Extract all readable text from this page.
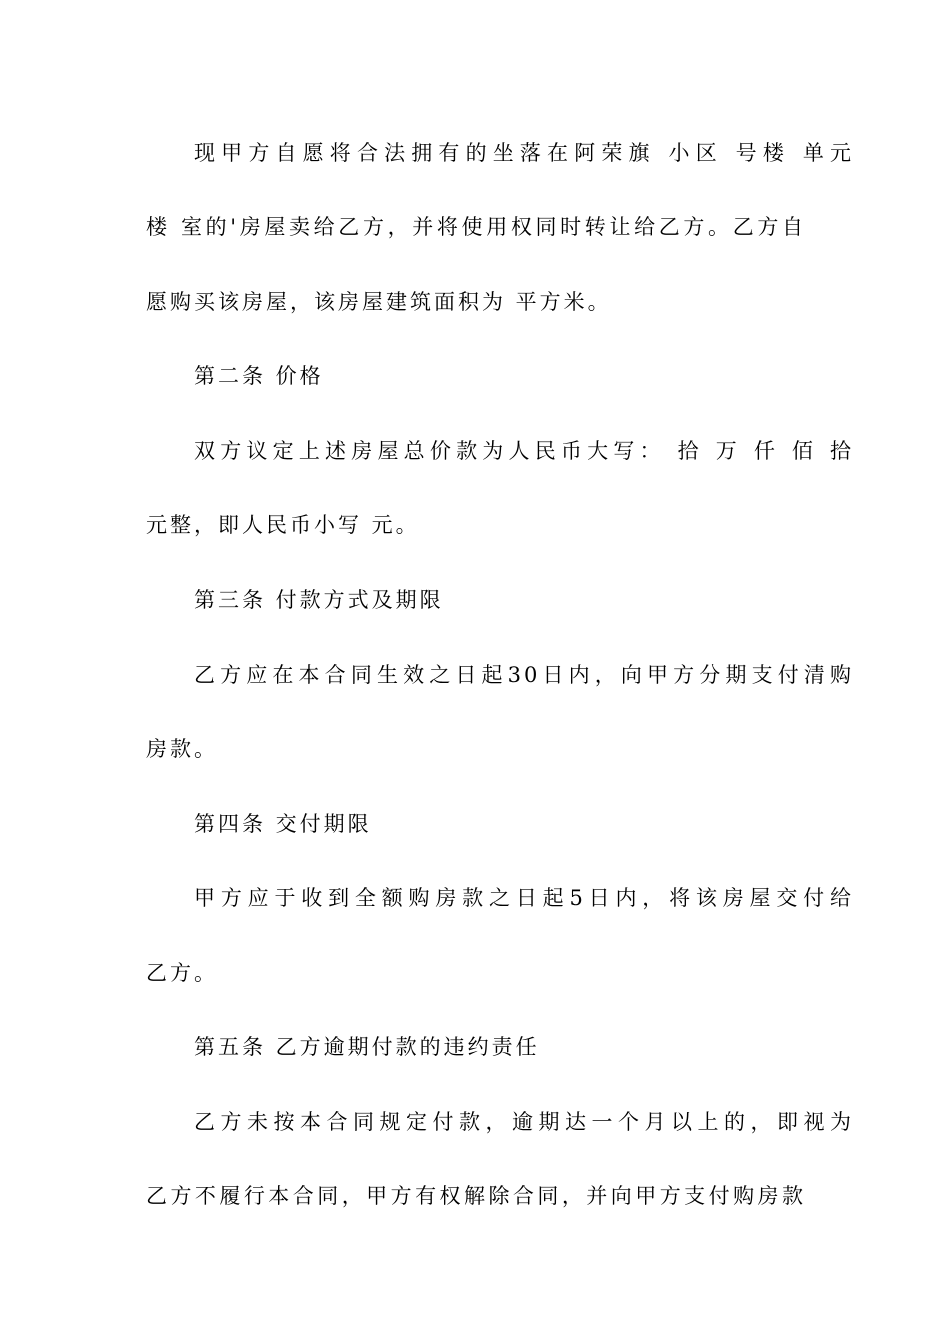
现甲方自愿将合法拥有的坐落在阿荣旗 小区 号楼 单元
楼 室的'房屋卖给乙方，并将使用权同时转让给乙方。乙方自
愿购买该房屋，该房屋建筑面积为 平方米。
第二条 价格
双方议定上述房屋总价款为人民币大写： 拾 万 仟 佰 拾
元整，即人民币小写 元。
第三条 付款方式及期限
乙方应在本合同生效之日起30日内，向甲方分期支付清购
房款。
第四条 交付期限
甲方应于收到全额购房款之日起5日内，将该房屋交付给
乙方。
第五条 乙方逾期付款的违约责任
乙方未按本合同规定付款，逾期达一个月以上的，即视为
乙方不履行本合同，甲方有权解除合同，并向甲方支付购房款
